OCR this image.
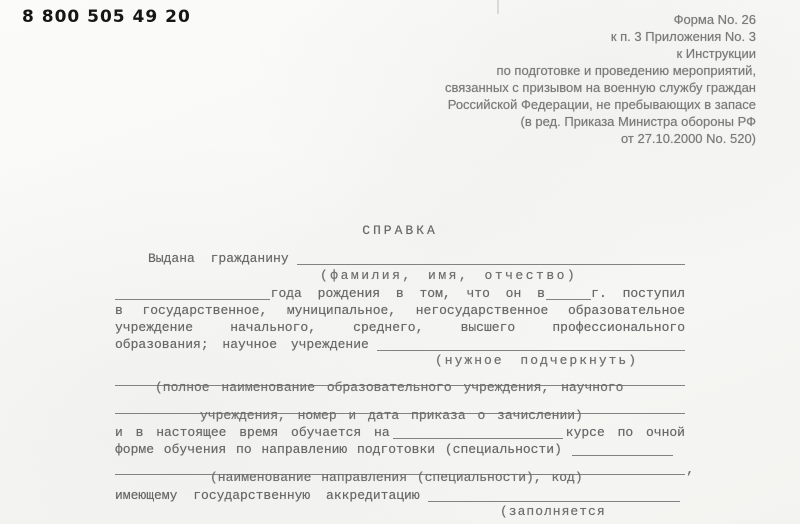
8 800 505 49 20	Форма No. 26
к п. 3 Приложения No. 3
к Инструкции
по подготовке и проведению мероприятий,
связанных с призывом на военную службу граждан
Российской Федерации, не пребывающих в запасе
(в ред. Приказа Министра обороны РФ
от 27.10.2000 No. 520)
СПРАВКА
Выдана гражданину
(фамилия, имя, отчество)
года рождения в том, что он в	г. поступил
в государственное, муниципальное, негосударственное образовательное
учреждение начального, среднего, высшего профессионального
образования; научное учреждение
(нужное подчеркнуть)
(полное наименование образовательного учреждения, научного
учреждения, номер и дата приказа о зачислении)
и в настоящее время обучается на	курсе по очной
форме обучения по направлению подготовки (специальности)
,
(наименование направления (специальности), код)
имеющему государственную аккредитацию
(заполняется
